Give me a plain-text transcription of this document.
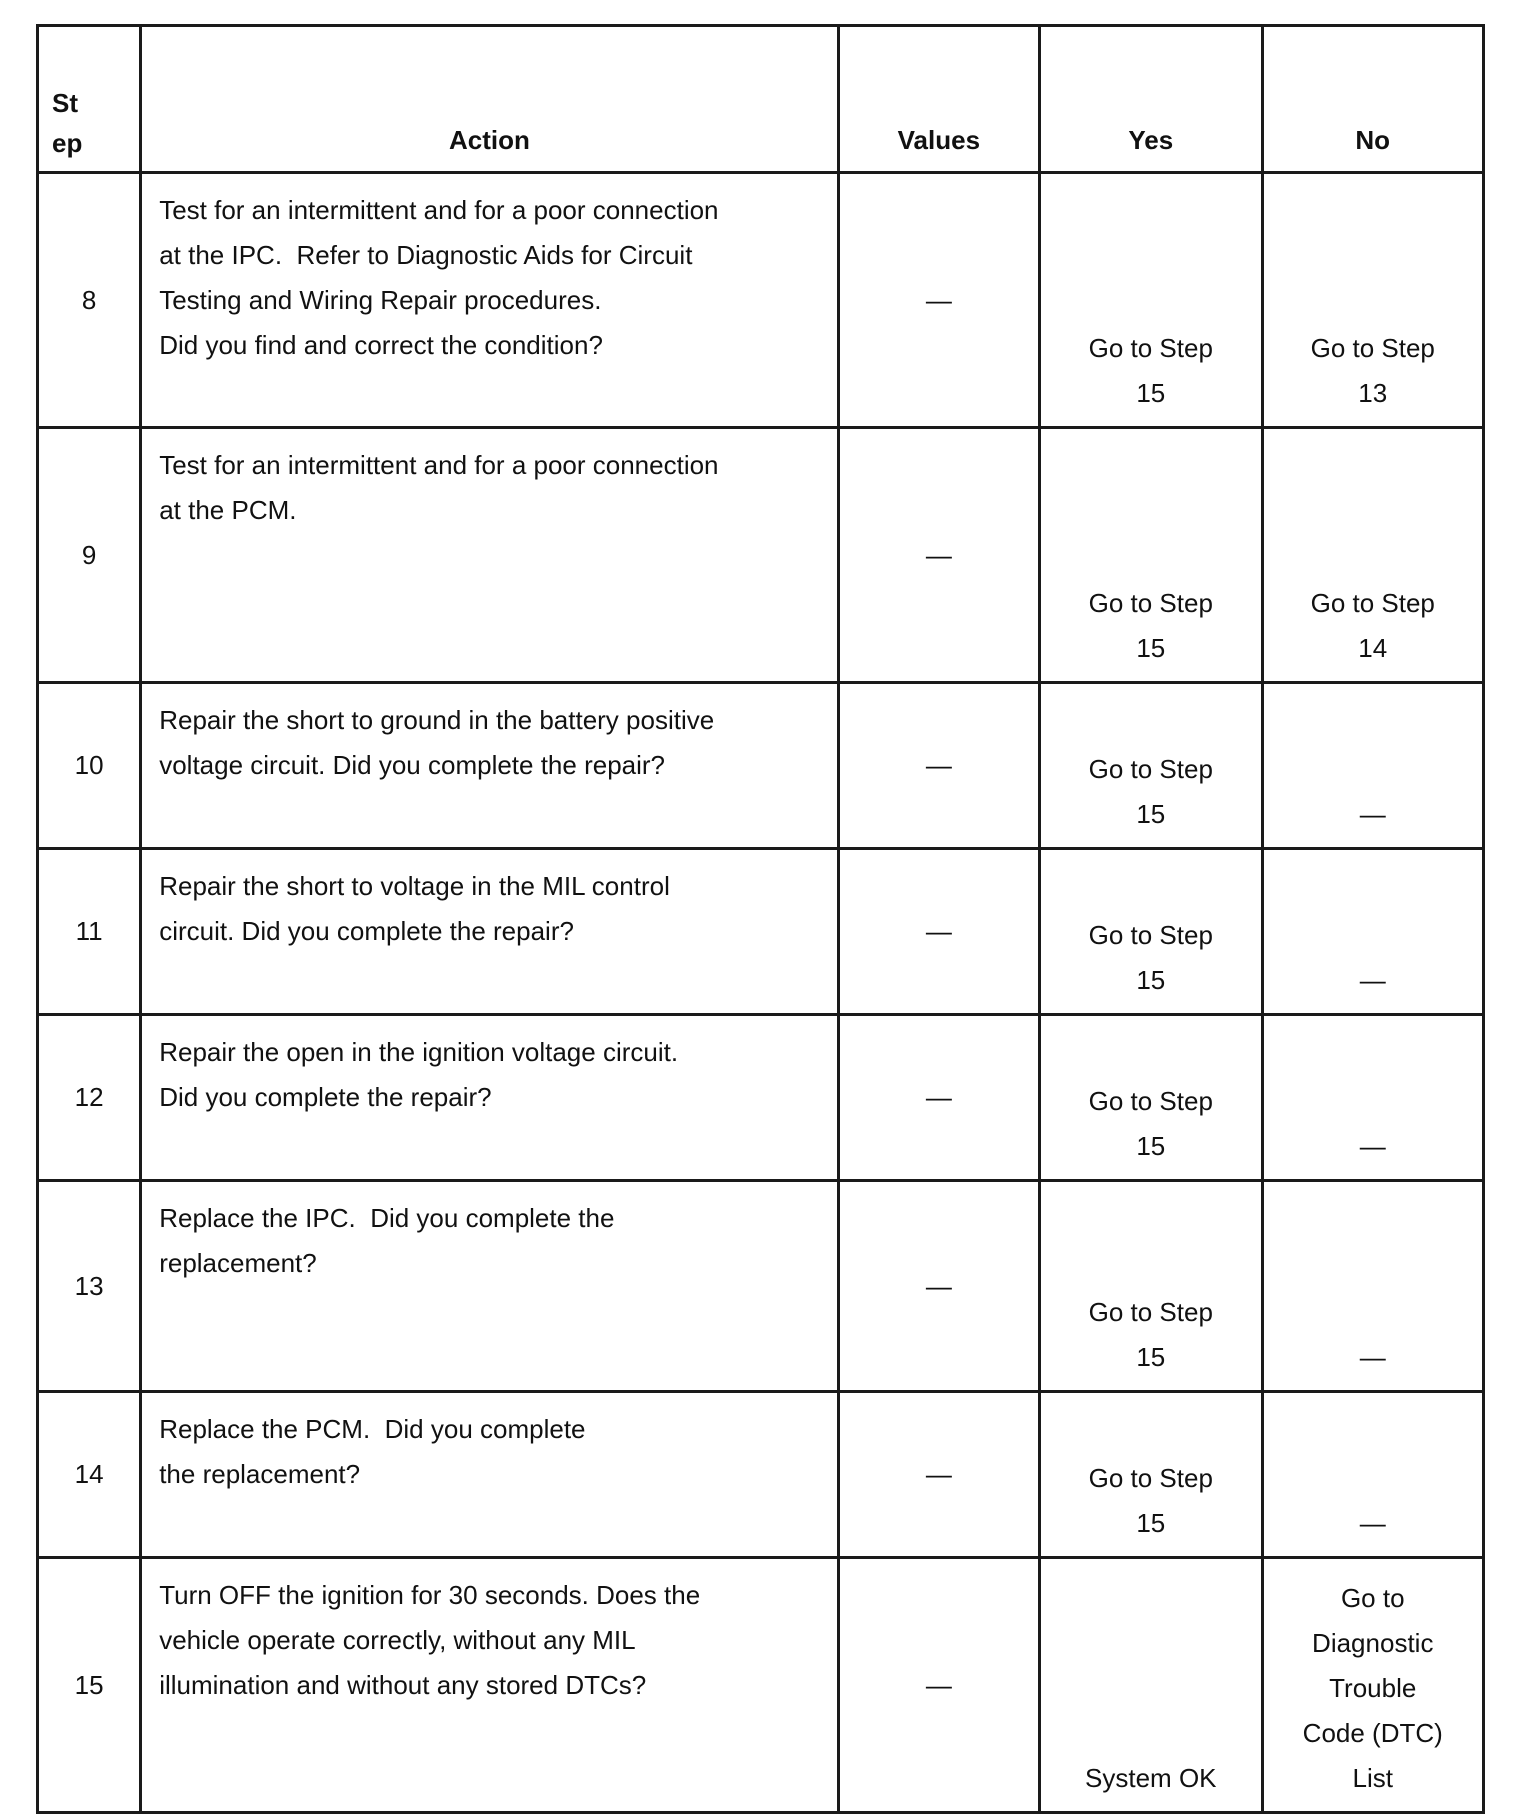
St
ep	Action	Values	Yes	No
8	Test for an intermittent and for a poor connection
at the IPC.  Refer to Diagnostic Aids for Circuit
Testing and Wiring Repair procedures.
Did you find and correct the condition?	—	Go to Step
15	Go to Step
13

9	Test for an intermittent and for a poor connection
at the PCM.	—	Go to Step
15	Go to Step
14

10	Repair the short to ground in the battery positive
voltage circuit. Did you complete the repair?	—	Go to Step
15	—

11	Repair the short to voltage in the MIL control
circuit. Did you complete the repair?	—	Go to Step
15	—

12	Repair the open in the ignition voltage circuit.
Did you complete the repair?	—	Go to Step
15	—

13	Replace the IPC.  Did you complete the
replacement?	—	Go to Step
15	—

14	Replace the PCM.  Did you complete
the replacement?	—	Go to Step
15	—

15	Turn OFF the ignition for 30 seconds. Does the
vehicle operate correctly, without any MIL
illumination and without any stored DTCs?	—	System OK	Go to
Diagnostic
Trouble
Code (DTC)
List
